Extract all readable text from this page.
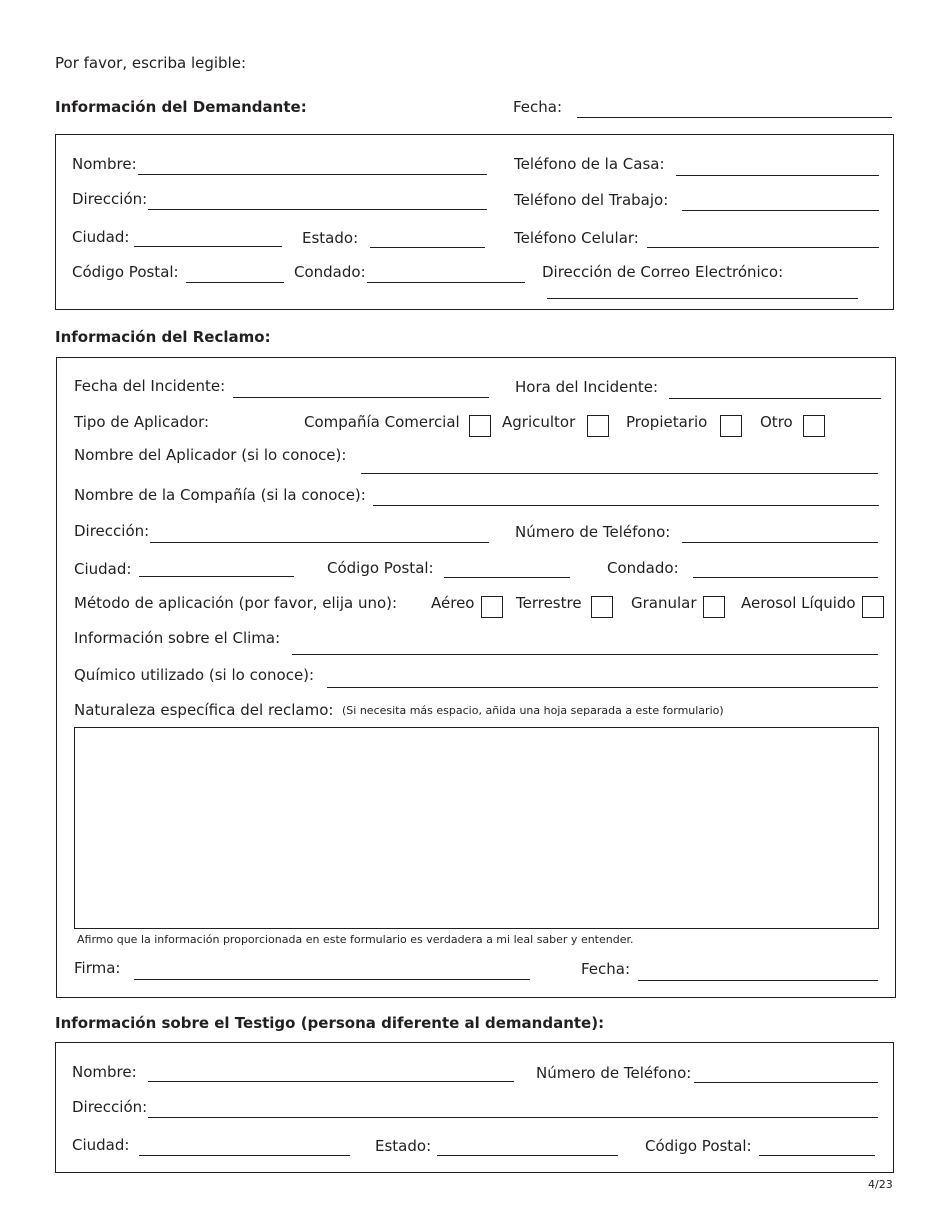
Por favor, escriba legible:
Información del Demandante:	Fecha:
Nombre:	Teléfono de la Casa:
Dirección:	Teléfono del Trabajo:
Ciudad:	Estado:	Teléfono Celular:
Código Postal:	Condado:	Dirección de Correo Electrónico:
Información del Reclamo:
Fecha del Incidente:	Hora del Incidente:
Tipo de Aplicador:	Compañía Comercial	Agricultor	Propietario	Otro
Nombre del Aplicador (si lo conoce):
Nombre de la Compañía (si la conoce):
Dirección:	Número de Teléfono:
Ciudad:	Código Postal:	Condado:
Método de aplicación (por favor, elija uno): Aéreo	Terrestre	Granular	Aerosol Líquido
Información sobre el Clima:
Químico utilizado (si lo conoce):
Naturaleza específica del reclamo: (Si necesita más espacio, añida una hoja separada a este formulario)
Afirmo que la información proporcionada en este formulario es verdadera a mi leal saber y entender.
Firma:	Fecha:
Información sobre el Testigo (persona diferente al demandante):
Nombre:	Número de Teléfono:
Dirección:
Ciudad:	Estado:	Código Postal:
4/23
